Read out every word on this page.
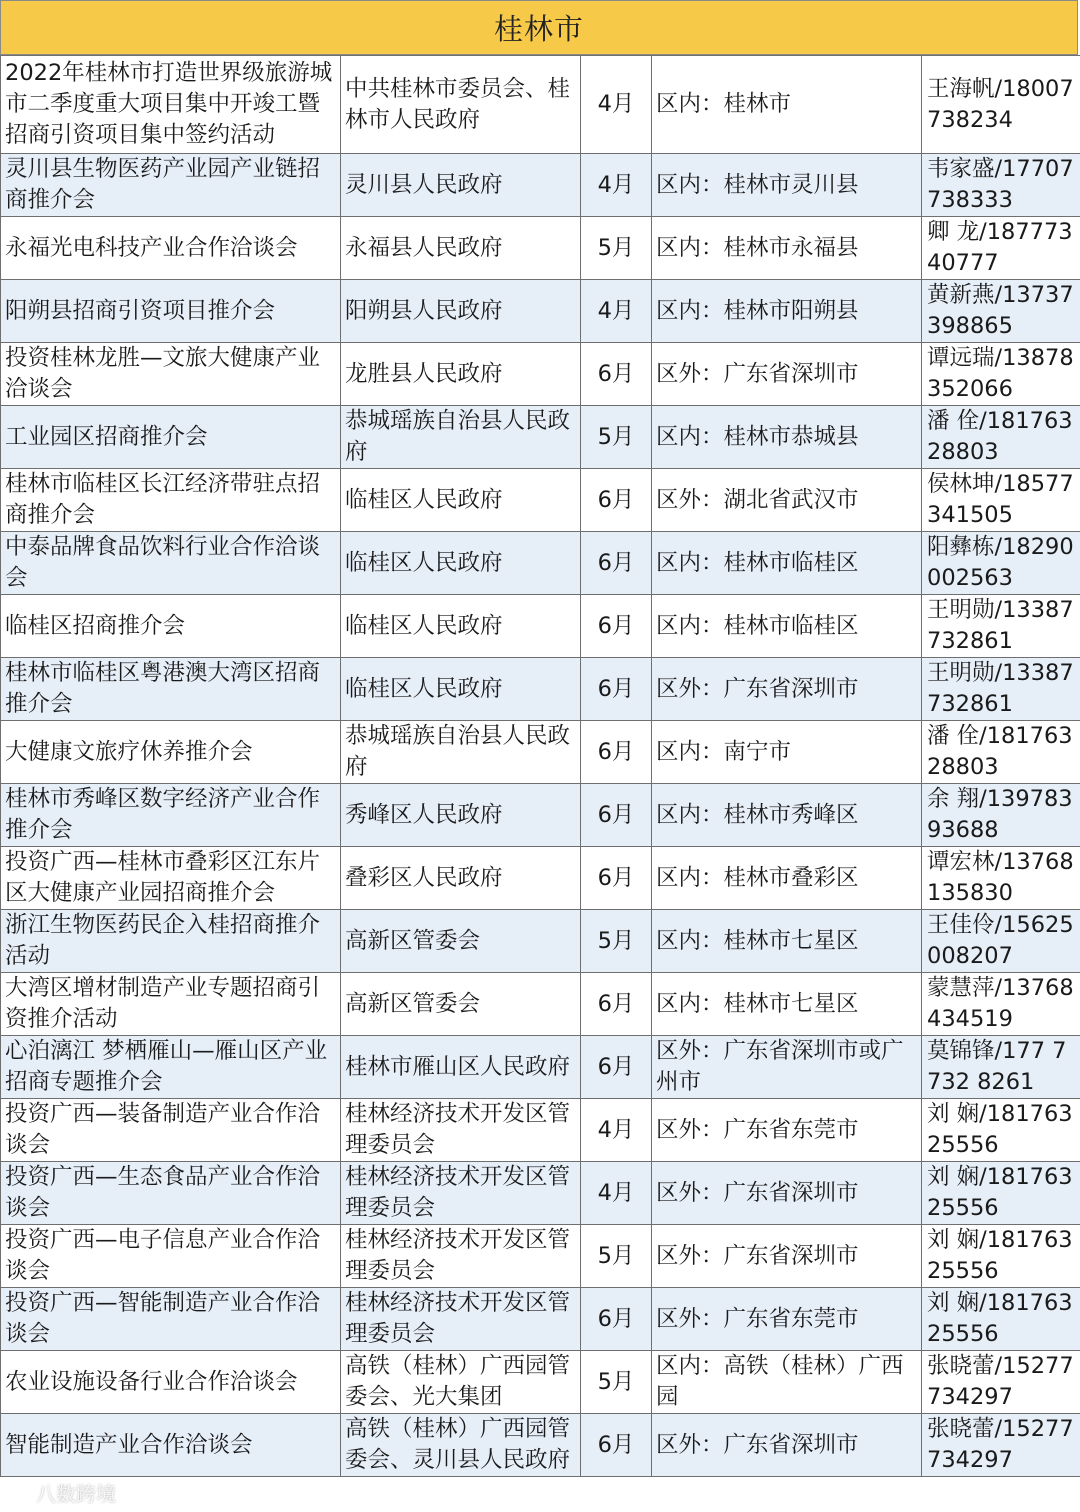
桂林市
2022年桂林市打造世界级旅游城市二季度重大项目集中开竣工暨招商引资项目集中签约活动	中共桂林市委员会、桂林市人民政府	4月	区内：桂林市	王海帆/18007738234
灵川县生物医药产业园产业链招商推介会	灵川县人民政府	4月	区内：桂林市灵川县	韦家盛/17707738333
永福光电科技产业合作洽谈会	永福县人民政府	5月	区内：桂林市永福县	卿 龙/18777340777
阳朔县招商引资项目推介会	阳朔县人民政府	4月	区内：桂林市阳朔县	黄新燕/13737398865
投资桂林龙胜—文旅大健康产业洽谈会	龙胜县人民政府	6月	区外：广东省深圳市	谭远瑞/13878352066
工业园区招商推介会	恭城瑶族自治县人民政府	5月	区内：桂林市恭城县	潘 佺/18176328803
桂林市临桂区长江经济带驻点招商推介会	临桂区人民政府	6月	区外：湖北省武汉市	侯林坤/18577341505
中泰品牌食品饮料行业合作洽谈会	临桂区人民政府	6月	区内：桂林市临桂区	阳彝栋/18290002563
临桂区招商推介会	临桂区人民政府	6月	区内：桂林市临桂区	王明勋/13387732861
桂林市临桂区粤港澳大湾区招商推介会	临桂区人民政府	6月	区外：广东省深圳市	王明勋/13387732861
大健康文旅疗休养推介会	恭城瑶族自治县人民政府	6月	区内：南宁市	潘 佺/18176328803
桂林市秀峰区数字经济产业合作推介会	秀峰区人民政府	6月	区内：桂林市秀峰区	余 翔/13978393688
投资广西—桂林市叠彩区江东片区大健康产业园招商推介会	叠彩区人民政府	6月	区内：桂林市叠彩区	谭宏林/13768135830
浙江生物医药民企入桂招商推介活动	高新区管委会	5月	区内：桂林市七星区	王佳伶/15625008207
大湾区增材制造产业专题招商引资推介活动	高新区管委会	6月	区内：桂林市七星区	蒙慧萍/13768434519
心泊漓江 梦栖雁山—雁山区产业招商专题推介会	桂林市雁山区人民政府	6月	区外：广东省深圳市或广州市	莫锦锋/177 7732 8261
投资广西—装备制造产业合作洽谈会	桂林经济技术开发区管理委员会	4月	区外：广东省东莞市	刘 娴/18176325556
投资广西—生态食品产业合作洽谈会	桂林经济技术开发区管理委员会	4月	区外：广东省深圳市	刘 娴/18176325556
投资广西—电子信息产业合作洽谈会	桂林经济技术开发区管理委员会	5月	区外：广东省深圳市	刘 娴/18176325556
投资广西—智能制造产业合作洽谈会	桂林经济技术开发区管理委员会	6月	区外：广东省东莞市	刘 娴/18176325556
农业设施设备行业合作洽谈会	高铁（桂林）广西园管委会、光大集团	5月	区内：高铁（桂林）广西园	张晓蕾/15277734297
智能制造产业合作洽谈会	高铁（桂林）广西园管委会、灵川县人民政府	6月	区外：广东省深圳市	张晓蕾/15277734297
八数跨境
